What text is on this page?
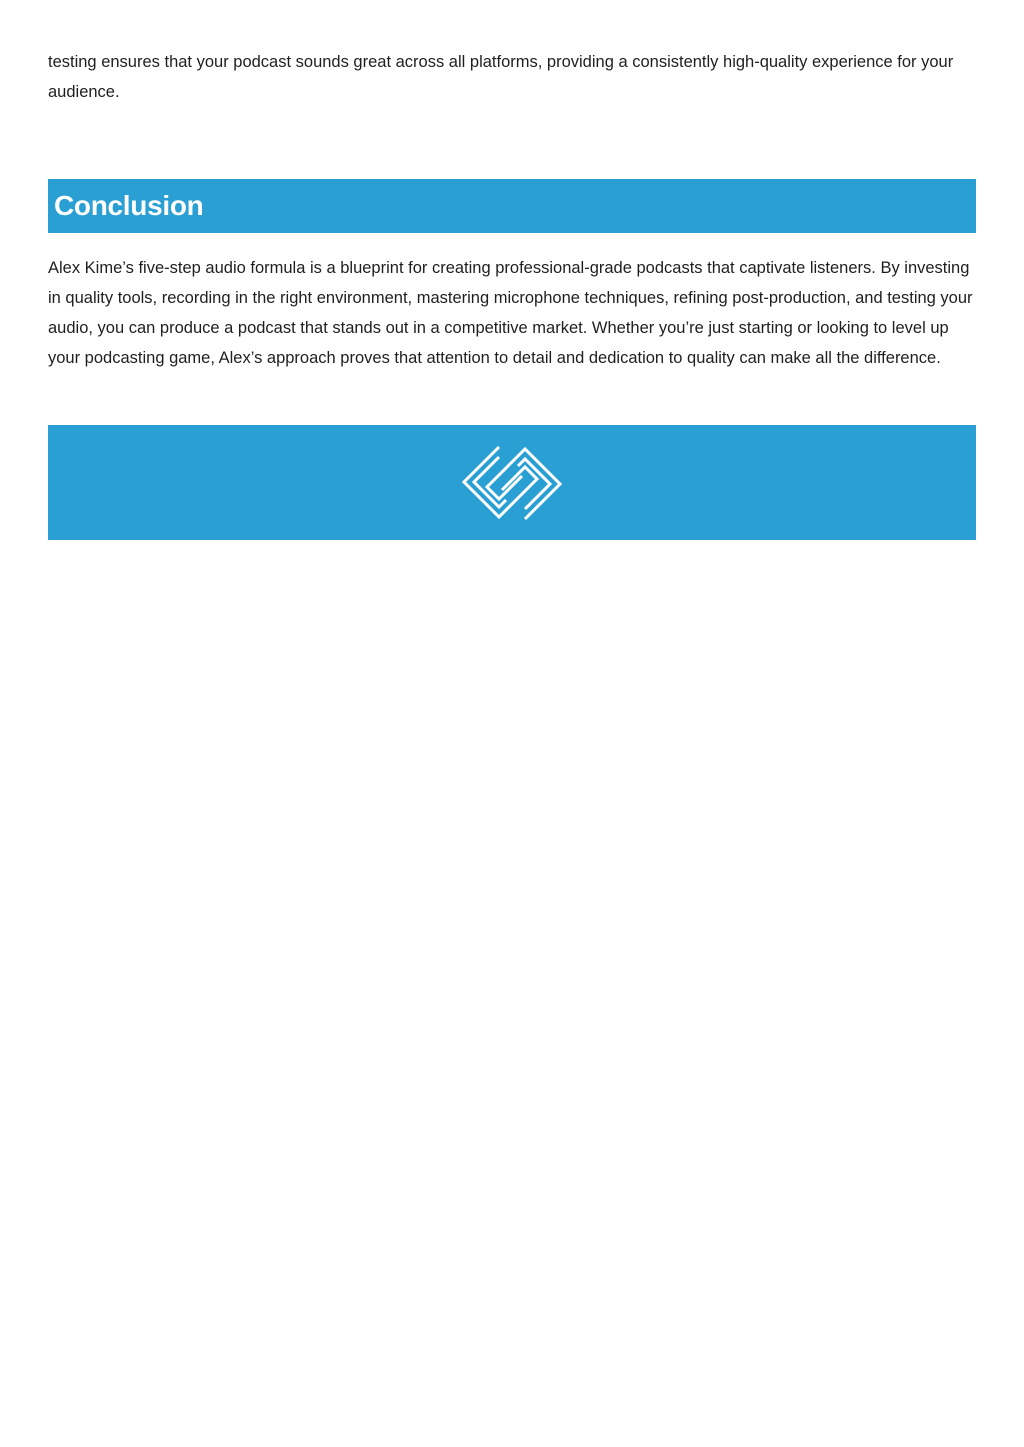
testing ensures that your podcast sounds great across all platforms, providing a consistently high-quality experience for your audience.

Conclusion

Alex Kime’s five-step audio formula is a blueprint for creating professional-grade podcasts that captivate listeners. By investing in quality tools, recording in the right environment, mastering microphone techniques, refining post-production, and testing your audio, you can produce a podcast that stands out in a competitive market. Whether you’re just starting or looking to level up your podcasting game, Alex’s approach proves that attention to detail and dedication to quality can make all the difference.
